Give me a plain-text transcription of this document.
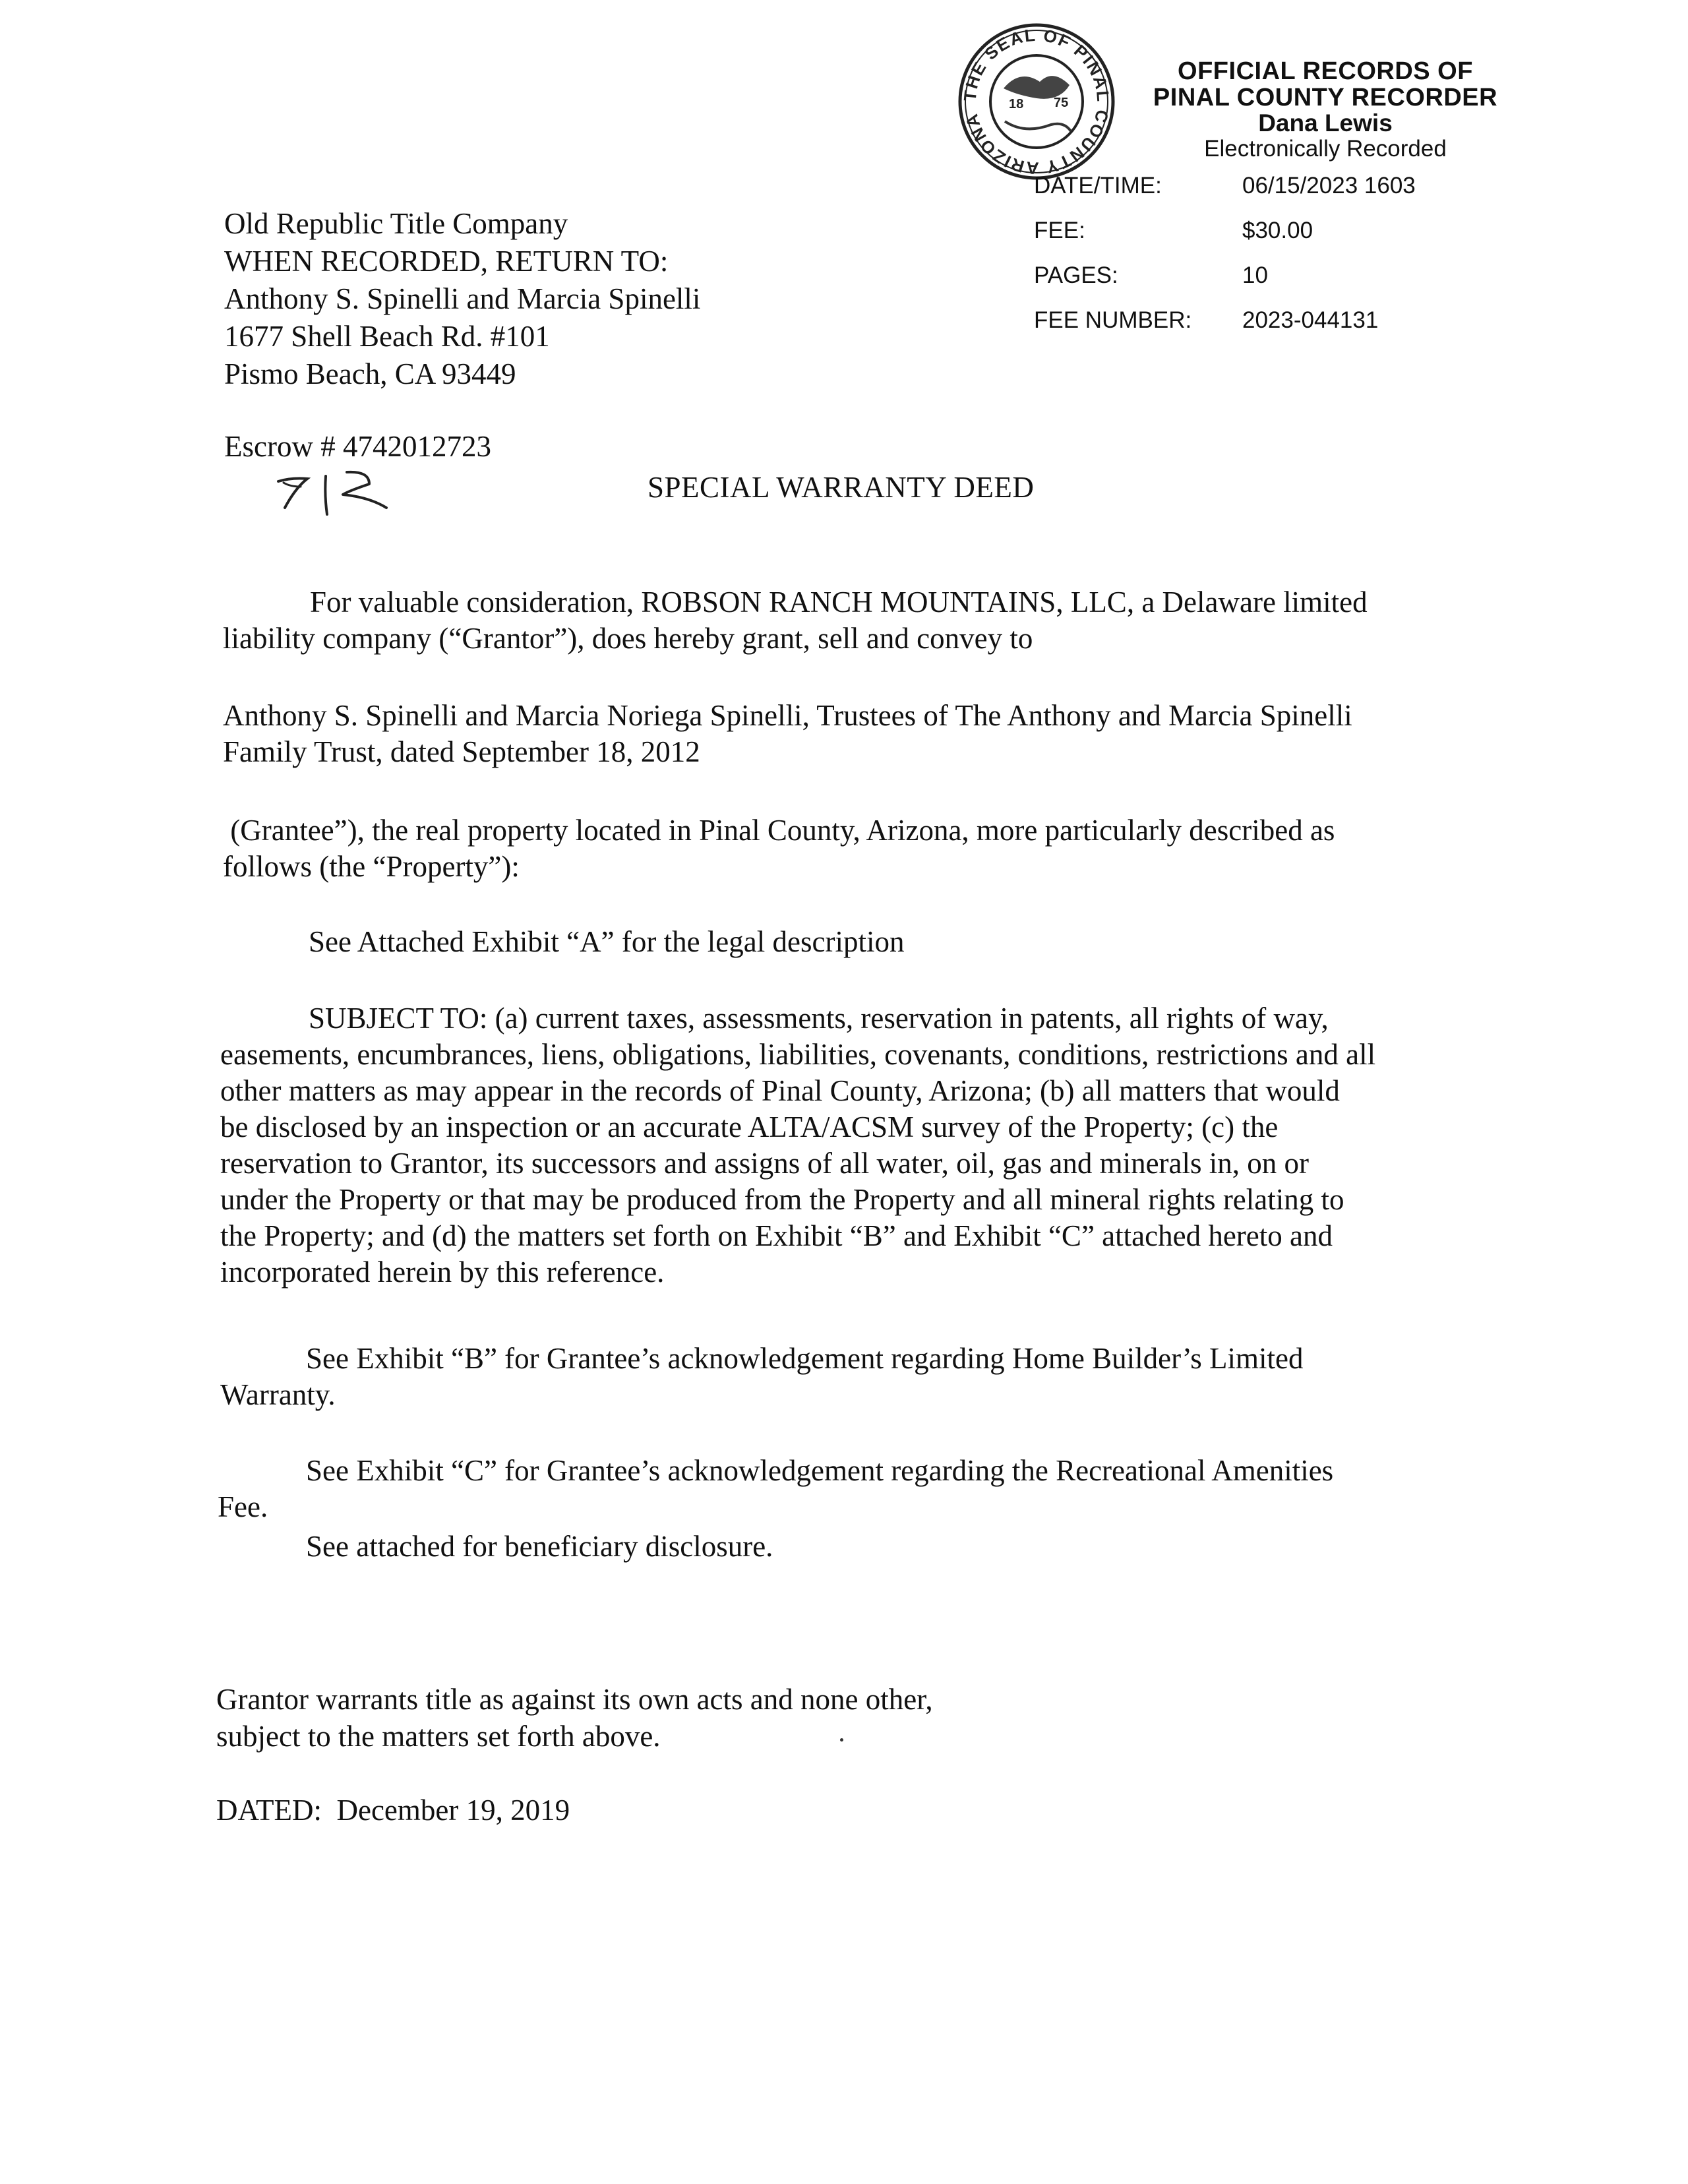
THE SEAL OF PINAL COUNTY ARIZONA
18 75
OFFICIAL RECORDS OF
PINAL COUNTY RECORDER
Dana Lewis
Electronically Recorded
DATE/TIME:	06/15/2023 1603
FEE:	$30.00
PAGES:	10
FEE NUMBER: 2023-044131
Old Republic Title Company
WHEN RECORDED, RETURN TO:
Anthony S. Spinelli and Marcia Spinelli
1677 Shell Beach Rd. #101
Pismo Beach, CA 93449
Escrow # 4742012723
SPECIAL WARRANTY DEED
For valuable consideration, ROBSON RANCH MOUNTAINS, LLC, a Delaware limited
liability company (“Grantor”), does hereby grant, sell and convey to
Anthony S. Spinelli and Marcia Noriega Spinelli, Trustees of The Anthony and Marcia Spinelli
Family Trust, dated September 18, 2012
(Grantee”), the real property located in Pinal County, Arizona, more particularly described as
follows (the “Property”):
See Attached Exhibit “A” for the legal description
SUBJECT TO: (a) current taxes, assessments, reservation in patents, all rights of way,
easements, encumbrances, liens, obligations, liabilities, covenants, conditions, restrictions and all
other matters as may appear in the records of Pinal County, Arizona; (b) all matters that would
be disclosed by an inspection or an accurate ALTA/ACSM survey of the Property; (c) the
reservation to Grantor, its successors and assigns of all water, oil, gas and minerals in, on or
under the Property or that may be produced from the Property and all mineral rights relating to
the Property; and (d) the matters set forth on Exhibit “B” and Exhibit “C” attached hereto and
incorporated herein by this reference.
See Exhibit “B” for Grantee’s acknowledgement regarding Home Builder’s Limited
Warranty.
See Exhibit “C” for Grantee’s acknowledgement regarding the Recreational Amenities
Fee.
See attached for beneficiary disclosure.
Grantor warrants title as against its own acts and none other,
subject to the matters set forth above.
DATED:  December 19, 2019
